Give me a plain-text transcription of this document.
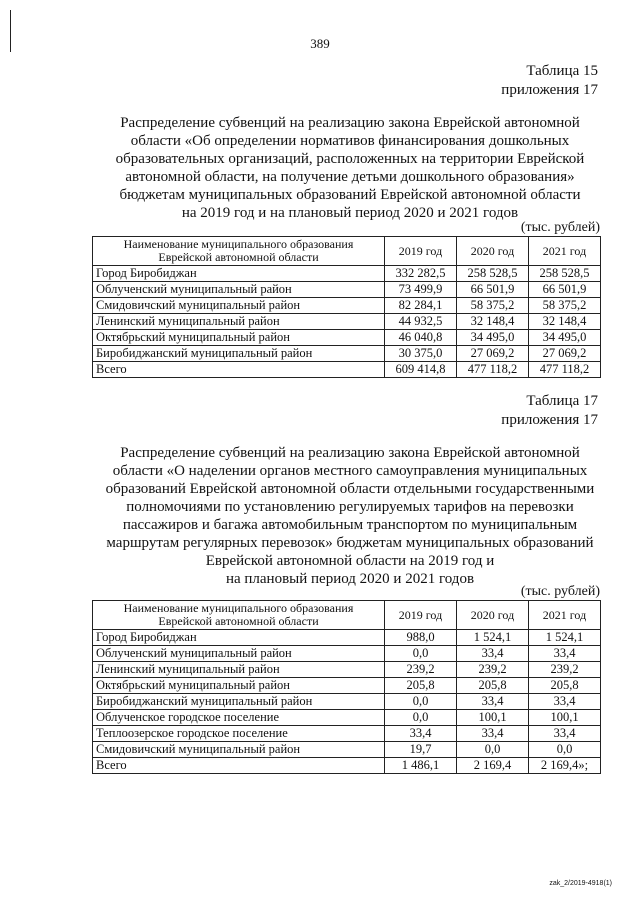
389
Таблица 15
приложения 17
Распределение субвенций на реализацию закона Еврейской автономной
области «Об определении нормативов финансирования дошкольных
образовательных организаций, расположенных на территории Еврейской
автономной области, на получение детьми дошкольного образования»
бюджетам муниципальных образований Еврейской автономной области
на 2019 год и на плановый период 2020 и 2021 годов
(тыс. рублей)
Наименование муниципального образования Еврейской автономной области	2019 год	2020 год	2021 год
Город Биробиджан	332 282,5	258 528,5	258 528,5
Облученский муниципальный район	73 499,9	66 501,9	66 501,9
Смидовичский муниципальный район	82 284,1	58 375,2	58 375,2
Ленинский муниципальный район	44 932,5	32 148,4	32 148,4
Октябрьский муниципальный район	46 040,8	34 495,0	34 495,0
Биробиджанский муниципальный район	30 375,0	27 069,2	27 069,2
Всего	609 414,8	477 118,2	477 118,2
Таблица 17
приложения 17
Распределение субвенций на реализацию закона Еврейской автономной
области «О наделении органов местного самоуправления муниципальных
образований Еврейской автономной области отдельными государственными
полномочиями по установлению регулируемых тарифов на перевозки
пассажиров и багажа автомобильным транспортом по муниципальным
маршрутам регулярных перевозок» бюджетам муниципальных образований
Еврейской автономной области на 2019 год и
на плановый период 2020 и 2021 годов
(тыс. рублей)
Наименование муниципального образования Еврейской автономной области	2019 год	2020 год	2021 год
Город Биробиджан	988,0	1 524,1	1 524,1
Облученский муниципальный район	0,0	33,4	33,4
Ленинский муниципальный район	239,2	239,2	239,2
Октябрьский муниципальный район	205,8	205,8	205,8
Биробиджанский муниципальный район	0,0	33,4	33,4
Облученское городское поселение	0,0	100,1	100,1
Теплоозерское городское поселение	33,4	33,4	33,4
Смидовичский муниципальный район	19,7	0,0	0,0
Всего	1 486,1	2 169,4	2 169,4»;
zak_2/2019-4918(1)
